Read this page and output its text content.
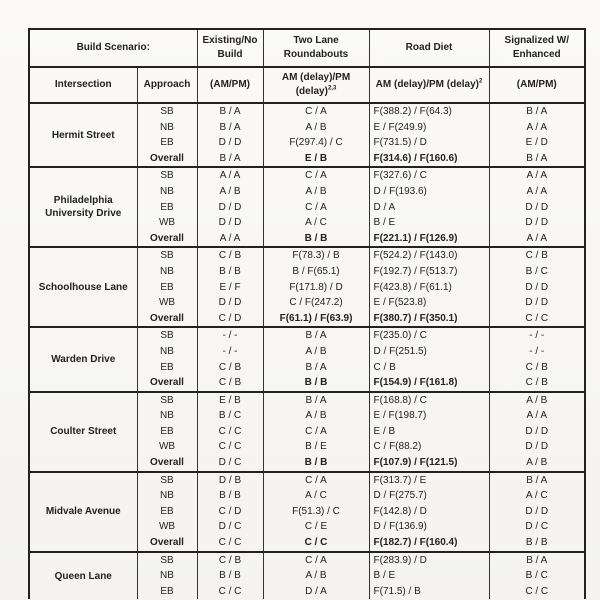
Build Scenario:		Existing/No Build	Two Lane Roundabouts	Road Diet	Signalized W/ Enhanced
Intersection	Approach	(AM/PM)	AM (delay)/PM (delay)$^{2,3}$	AM (delay)/PM (delay)$^2$	(AM/PM)
Hermit Street	SB	B / A	C / A	F(388.2) / F(64.3)	B / A
	NB	B / A	A / B	E / F(249.9)	A / A
	EB	D / D	F(297.4) / C	F(731.5) / D	E / D
	Overall	B / A	E / B	F(314.6) / F(160.6)	B / A
Philadelphia University Drive	SB	A / A	C / A	F(327.6) / C	A / A
	NB	A / B	A / B	D / F(193.6)	A / A
	EB	D / D	C / A	D / A	D / D
	WB	D / D	A / C	B / E	D / D
	Overall	A / A	B / B	F(221.1) / F(126.9)	A / A
Schoolhouse Lane	SB	C / B	F(78.3) / B	F(524.2) / F(143.0)	C / B
	NB	B / B	B / F(65.1)	F(192.7) / F(513.7)	B / C
	EB	E / F	F(171.8) / D	F(423.8) / F(61.1)	D / D
	WB	D / D	C / F(247.2)	E / F(523.8)	D / D
	Overall	C / D	F(61.1) / F(63.9)	F(380.7) / F(350.1)	C / C
Warden Drive	SB	- / -	B / A	F(235.0) / C	- / -
	NB	- / -	A / B	D / F(251.5)	- / -
	EB	C / B	B / A	C / B	C / B
	Overall	C / B	B / B	F(154.9) / F(161.8)	C / B
Coulter Street	SB	E / B	B / A	F(168.8) / C	A / B
	NB	B / C	A / B	E / F(198.7)	A / A
	EB	C / C	C / A	E / B	D / D
	WB	C / C	B / E	C / F(88.2)	D / D
	Overall	D / C	B / B	F(107.9) / F(121.5)	A / B
Midvale Avenue	SB	D / B	C / A	F(313.7) / E	B / A
	NB	B / B	A / C	D / F(275.7)	A / C
	EB	C / D	F(51.3) / C	F(142.8) / D	D / D
	WB	D / C	C / E	D / F(136.9)	D / C
	Overall	C / C	C / C	F(182.7) / F(160.4)	B / B
Queen Lane	SB	C / B	C / A	F(283.9) / D	B / A
	NB	B / B	A / B	B / E	B / C
	EB	C / C	D / A	F(71.5) / B	C / C
